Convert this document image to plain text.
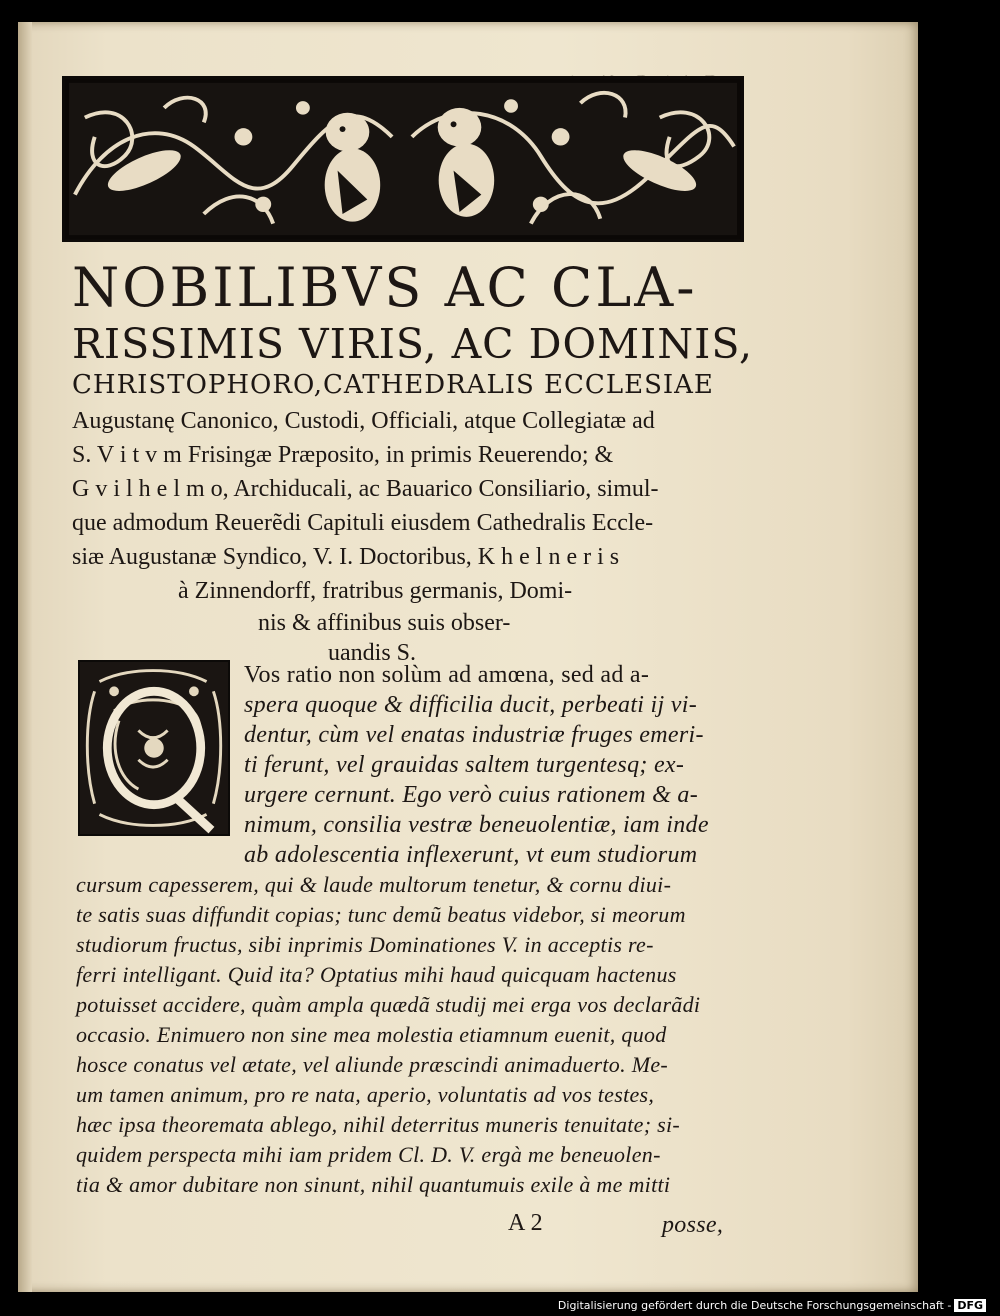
NOBILIBVS AC CLA-
RISSIMIS VIRIS, AC DOMINIS,
CHRISTOPHORO,CATHEDRALIS ECCLESIAE
Augustanę Canonico, Custodi, Officiali, atque Collegiatæ ad
S. V i t v m Frisingæ Præposito, in primis Reuerendo; &
G v i l h e l m o, Archiducali, ac Bauarico Consiliario, simul-
que admodum Reuerẽdi Capituli eiusdem Cathedralis Eccle-
siæ Augustanæ Syndico, V. I. Doctoribus, K h e l n e r i s
à Zinnendorff, fratribus germanis, Domi-
nis & affinibus suis obser-
uandis S.
Vos ratio non solùm ad amœna, sed ad a-
spera quoque & difficilia ducit, perbeati ij vi-
dentur, cùm vel enatas industriæ fruges emeri-
ti ferunt, vel grauidas saltem turgentesq; ex-
urgere cernunt. Ego verò cuius rationem & a-
nimum, consilia vestræ beneuolentiæ, iam inde
ab adolescentia inflexerunt, vt eum studiorum
cursum capesserem, qui & laude multorum tenetur, & cornu diui-
te satis suas diffundit copias; tunc demũ beatus videbor, si meorum
studiorum fructus, sibi inprimis Dominationes V. in acceptis re-
ferri intelligant. Quid ita? Optatius mihi haud quicquam hactenus
potuisset accidere, quàm ampla quædã studij mei erga vos declarãdi
occasio. Enimuero non sine mea molestia etiamnum euenit, quod
hosce conatus vel ætate, vel aliunde præscindi animaduerto. Me-
um tamen animum, pro re nata, aperio, voluntatis ad vos testes,
hæc ipsa theoremata ablego, nihil deterritus muneris tenuitate; si-
quidem perspecta mihi iam pridem Cl. D. V. ergà me beneuolen-
tia & amor dubitare non sinunt, nihil quantumuis exile à me mitti
A 2	posse,
Digitalisierung gefördert durch die Deutsche Forschungsgemeinschaft - DFG
